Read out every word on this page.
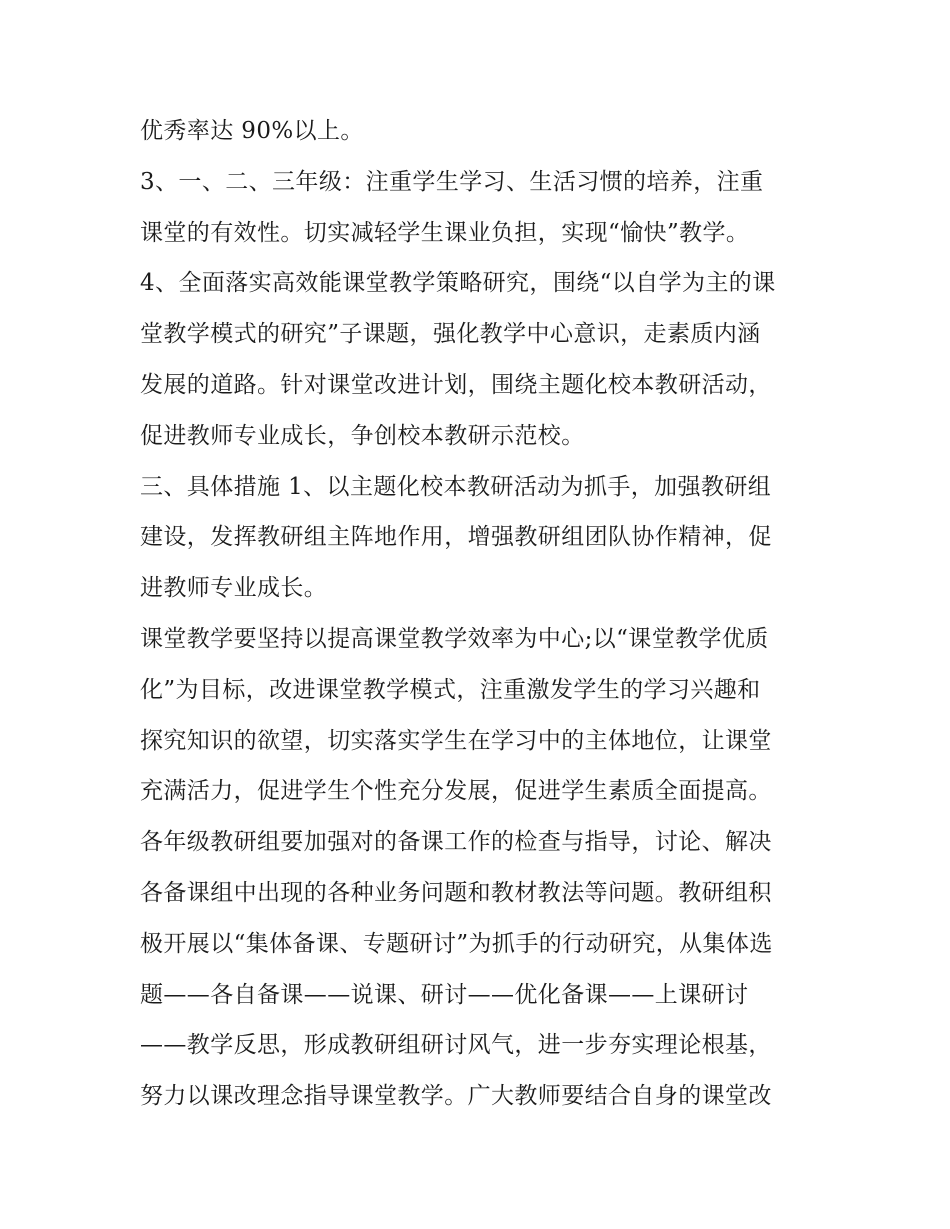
优秀率达 90%以上。
3、一、二、三年级：注重学生学习、生活习惯的培养，注重
课堂的有效性。切实减轻学生课业负担，实现“愉快”教学。
4、全面落实高效能课堂教学策略研究，围绕“以自学为主的课
堂教学模式的研究”子课题，强化教学中心意识，走素质内涵
发展的道路。针对课堂改进计划，围绕主题化校本教研活动，
促进教师专业成长，争创校本教研示范校。
三、具体措施 1、以主题化校本教研活动为抓手，加强教研组
建设，发挥教研组主阵地作用，增强教研组团队协作精神，促
进教师专业成长。
课堂教学要坚持以提高课堂教学效率为中心;以“课堂教学优质
化”为目标，改进课堂教学模式，注重激发学生的学习兴趣和
探究知识的欲望，切实落实学生在学习中的主体地位，让课堂
充满活力，促进学生个性充分发展，促进学生素质全面提高。
各年级教研组要加强对的备课工作的检查与指导，讨论、解决
各备课组中出现的各种业务问题和教材教法等问题。教研组积
极开展以“集体备课、专题研讨”为抓手的行动研究，从集体选
题——各自备课——说课、研讨——优化备课——上课研讨
——教学反思，形成教研组研讨风气，进一步夯实理论根基，
努力以课改理念指导课堂教学。广大教师要结合自身的课堂改
